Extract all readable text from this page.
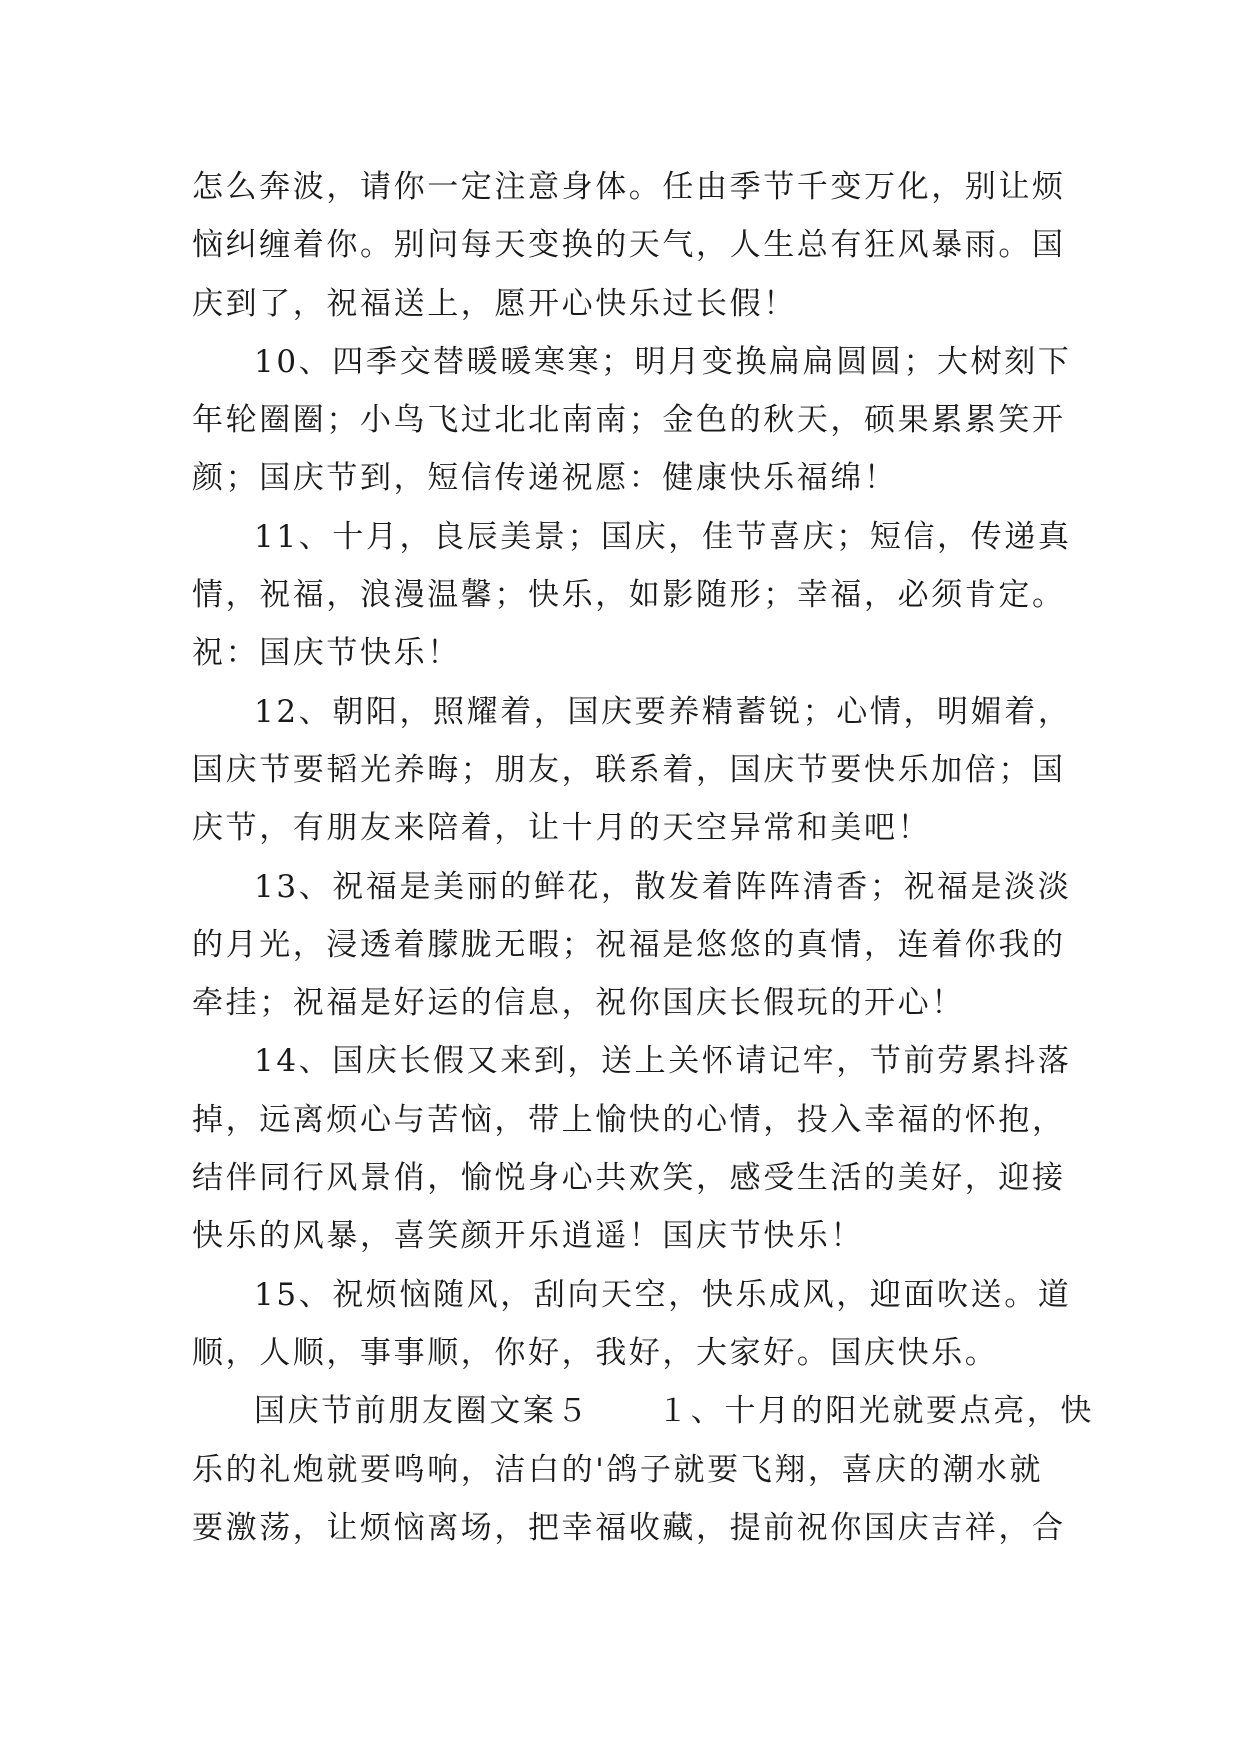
怎么奔波，请你一定注意身体。任由季节千变万化，别让烦
恼纠缠着你。别问每天变换的天气，人生总有狂风暴雨。国
庆到了，祝福送上，愿开心快乐过长假！

10、四季交替暖暖寒寒；明月变换扁扁圆圆；大树刻下
年轮圈圈；小鸟飞过北北南南；金色的秋天，硕果累累笑开
颜；国庆节到，短信传递祝愿：健康快乐福绵！

11、十月，良辰美景；国庆，佳节喜庆；短信，传递真
情，祝福，浪漫温馨；快乐，如影随形；幸福，必须肯定。
祝：国庆节快乐！

12、朝阳，照耀着，国庆要养精蓄锐；心情，明媚着，
国庆节要韬光养晦；朋友，联系着，国庆节要快乐加倍；国
庆节，有朋友来陪着，让十月的天空异常和美吧！

13、祝福是美丽的鲜花，散发着阵阵清香；祝福是淡淡
的月光，浸透着朦胧无暇；祝福是悠悠的真情，连着你我的
牵挂；祝福是好运的信息，祝你国庆长假玩的开心！

14、国庆长假又来到，送上关怀请记牢，节前劳累抖落
掉，远离烦心与苦恼，带上愉快的心情，投入幸福的怀抱，
结伴同行风景俏，愉悦身心共欢笑，感受生活的美好，迎接
快乐的风暴，喜笑颜开乐逍遥！国庆节快乐！

15、祝烦恼随风，刮向天空，快乐成风，迎面吹送。道
顺，人顺，事事顺，你好，我好，大家好。国庆快乐。

国庆节前朋友圈文案５　　１、十月的阳光就要点亮，快
乐的礼炮就要鸣响，洁白的'鸽子就要飞翔，喜庆的潮水就
要激荡，让烦恼离场，把幸福收藏，提前祝你国庆吉祥，合
